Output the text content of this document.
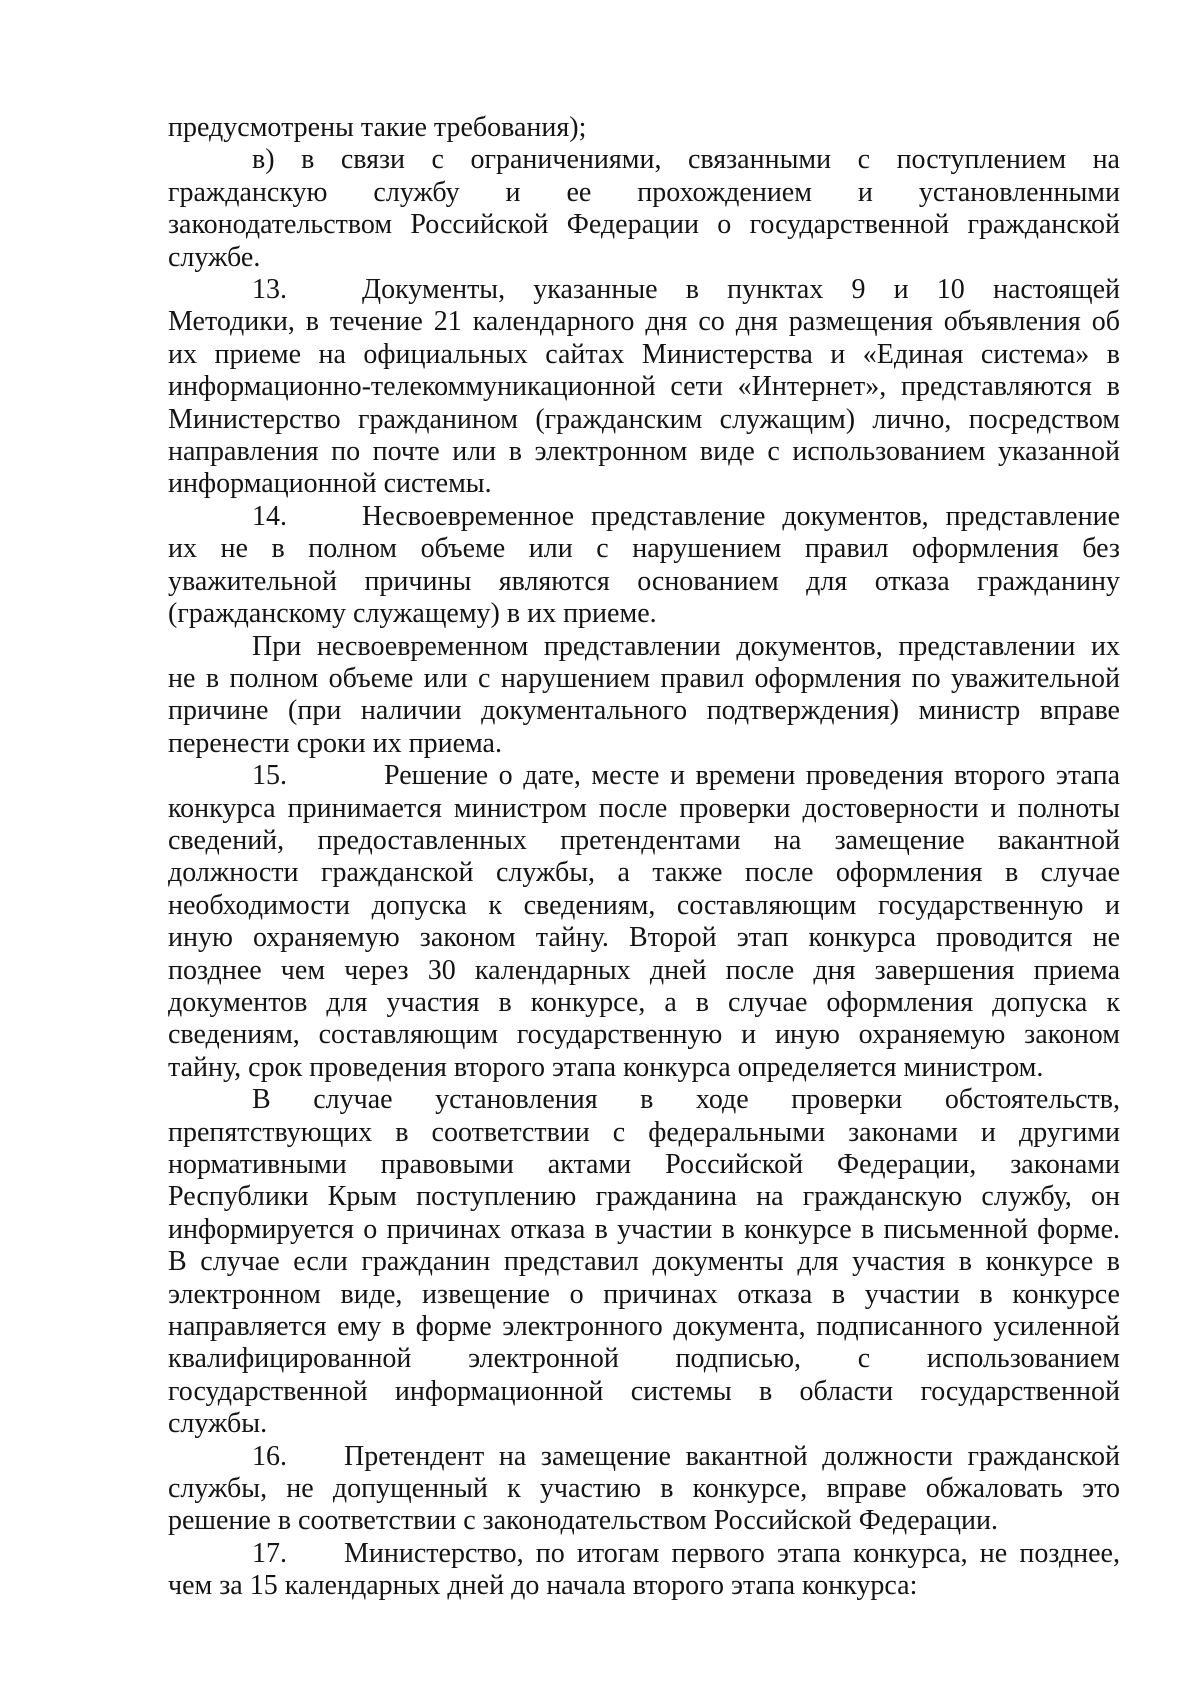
предусмотрены такие требования);

в) в связи с ограничениями, связанными с поступлением на

гражданскую службу и ее прохождением и установленными

законодательством Российской Федерации о государственной гражданской

службе.

13.	Документы, указанные в пунктах 9 и 10 настоящей

Методики, в течение 21 календарного дня со дня размещения объявления об

их приеме на официальных сайтах Министерства и «Единая система» в

информационно-телекоммуникационной сети «Интернет», представляются в

Министерство гражданином (гражданским служащим) лично, посредством

направления по почте или в электронном виде с использованием указанной

информационной системы.

14.	Несвоевременное представление документов, представление

их не в полном объеме или с нарушением правил оформления без

уважительной причины являются основанием для отказа гражданину

(гражданскому служащему) в их приеме.

При несвоевременном представлении документов, представлении их

не в полном объеме или с нарушением правил оформления по уважительной

причине (при наличии документального подтверждения) министр вправе

перенести сроки их приема.

15.	Решение о дате, месте и времени проведения второго этапа

конкурса принимается министром после проверки достоверности и полноты

сведений, предоставленных претендентами на замещение вакантной

должности гражданской службы, а также после оформления в случае

необходимости допуска к сведениям, составляющим государственную и

иную охраняемую законом тайну. Второй этап конкурса проводится не

позднее чем через 30 календарных дней после дня завершения приема

документов для участия в конкурсе, а в случае оформления допуска к

сведениям, составляющим государственную и иную охраняемую законом

тайну, срок проведения второго этапа конкурса определяется министром.

В случае установления в ходе проверки обстоятельств,

препятствующих в соответствии с федеральными законами и другими

нормативными правовыми актами Российской Федерации, законами

Республики Крым поступлению гражданина на гражданскую службу, он

информируется о причинах отказа в участии в конкурсе в письменной форме.

В случае если гражданин представил документы для участия в конкурсе в

электронном виде, извещение о причинах отказа в участии в конкурсе

направляется ему в форме электронного документа, подписанного усиленной

квалифицированной электронной подписью, с использованием

государственной информационной системы в области государственной

службы.

16. Претендент на замещение вакантной должности гражданской

службы, не допущенный к участию в конкурсе, вправе обжаловать это

решение в соответствии с законодательством Российской Федерации.

17. Министерство, по итогам первого этапа конкурса, не позднее,

чем за 15 календарных дней до начала второго этапа конкурса:
